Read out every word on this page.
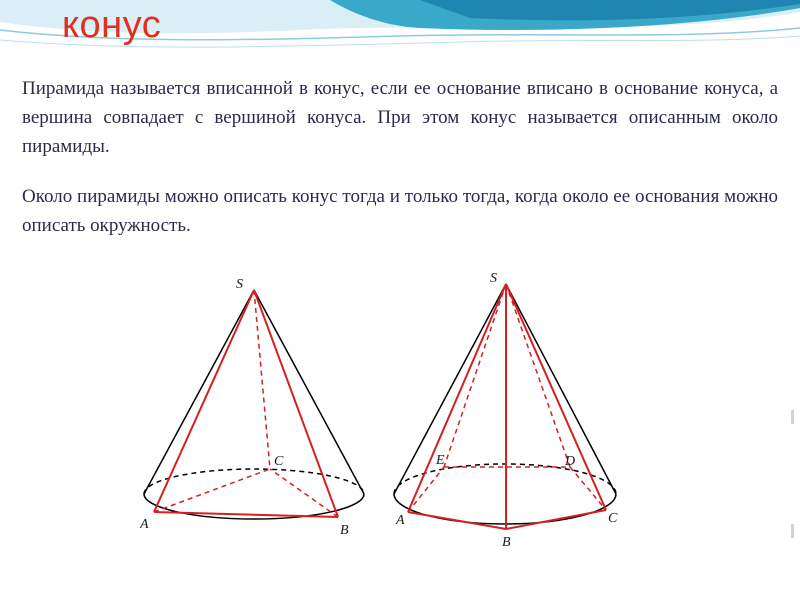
конус
Пирамида называется вписанной в конус, если ее основание вписано в основание конуса, а вершина совпадает с вершиной конуса. При этом конус называется описанным около пирамиды.
Около пирамиды можно описать конус тогда и только тогда, когда около ее основания можно описать окружность.
S
A	B
C
S
A
B
C
D
E
